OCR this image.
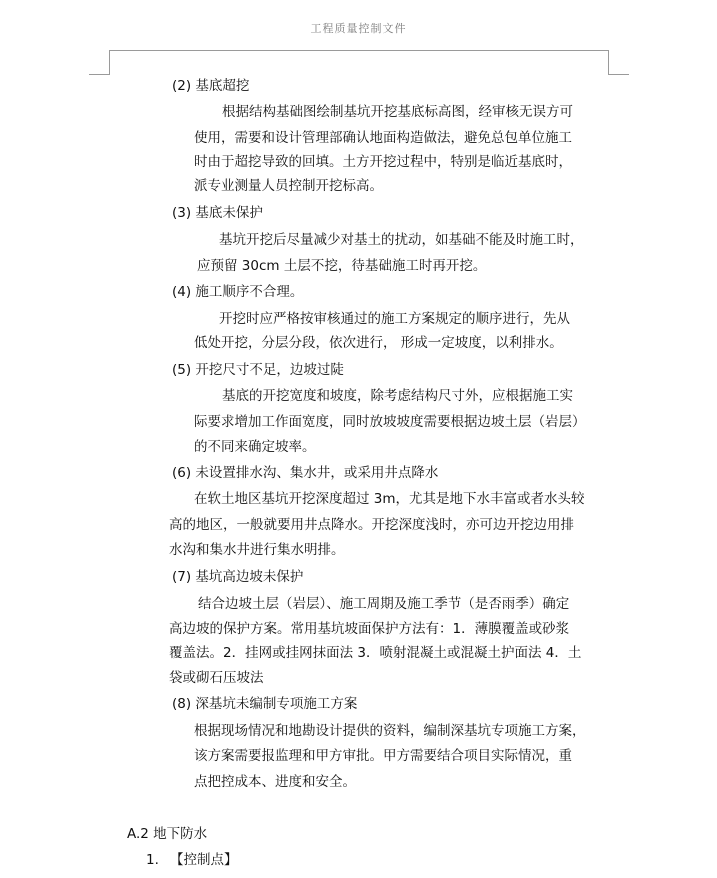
工程质量控制文件
(2) 基底超挖
根据结构基础图绘制基坑开挖基底标高图，经审核无误方可
使用，需要和设计管理部确认地面构造做法，避免总包单位施工
时由于超挖导致的回填。土方开挖过程中，特别是临近基底时，
派专业测量人员控制开挖标高。
(3) 基底未保护
基坑开挖后尽量减少对基土的扰动，如基础不能及时施工时，
应预留 30cm 土层不挖，待基础施工时再开挖。
(4) 施工顺序不合理。
开挖时应严格按审核通过的施工方案规定的顺序进行，先从
低处开挖，分层分段，依次进行， 形成一定坡度，以利排水。
(5) 开挖尺寸不足，边坡过陡
基底的开挖宽度和坡度，除考虑结构尺寸外，应根据施工实
际要求增加工作面宽度，同时放坡坡度需要根据边坡土层（岩层）
的不同来确定坡率。
(6) 未设置排水沟、集水井，或采用井点降水
在软土地区基坑开挖深度超过 3m，尤其是地下水丰富或者水头较
高的地区，一般就要用井点降水。开挖深度浅时，亦可边开挖边用排
水沟和集水井进行集水明排。
(7) 基坑高边坡未保护
结合边坡土层（岩层）、施工周期及施工季节（是否雨季）确定
高边坡的保护方案。常用基坑坡面保护方法有：1．薄膜覆盖或砂浆
覆盖法。2．挂网或挂网抹面法 3．喷射混凝土或混凝土护面法 4．土
袋或砌石压坡法
(8) 深基坑未编制专项施工方案
根据现场情况和地勘设计提供的资料，编制深基坑专项施工方案，
该方案需要报监理和甲方审批。甲方需要结合项目实际情况，重
点把控成本、进度和安全。
A.2 地下防水
1. 【控制点】
